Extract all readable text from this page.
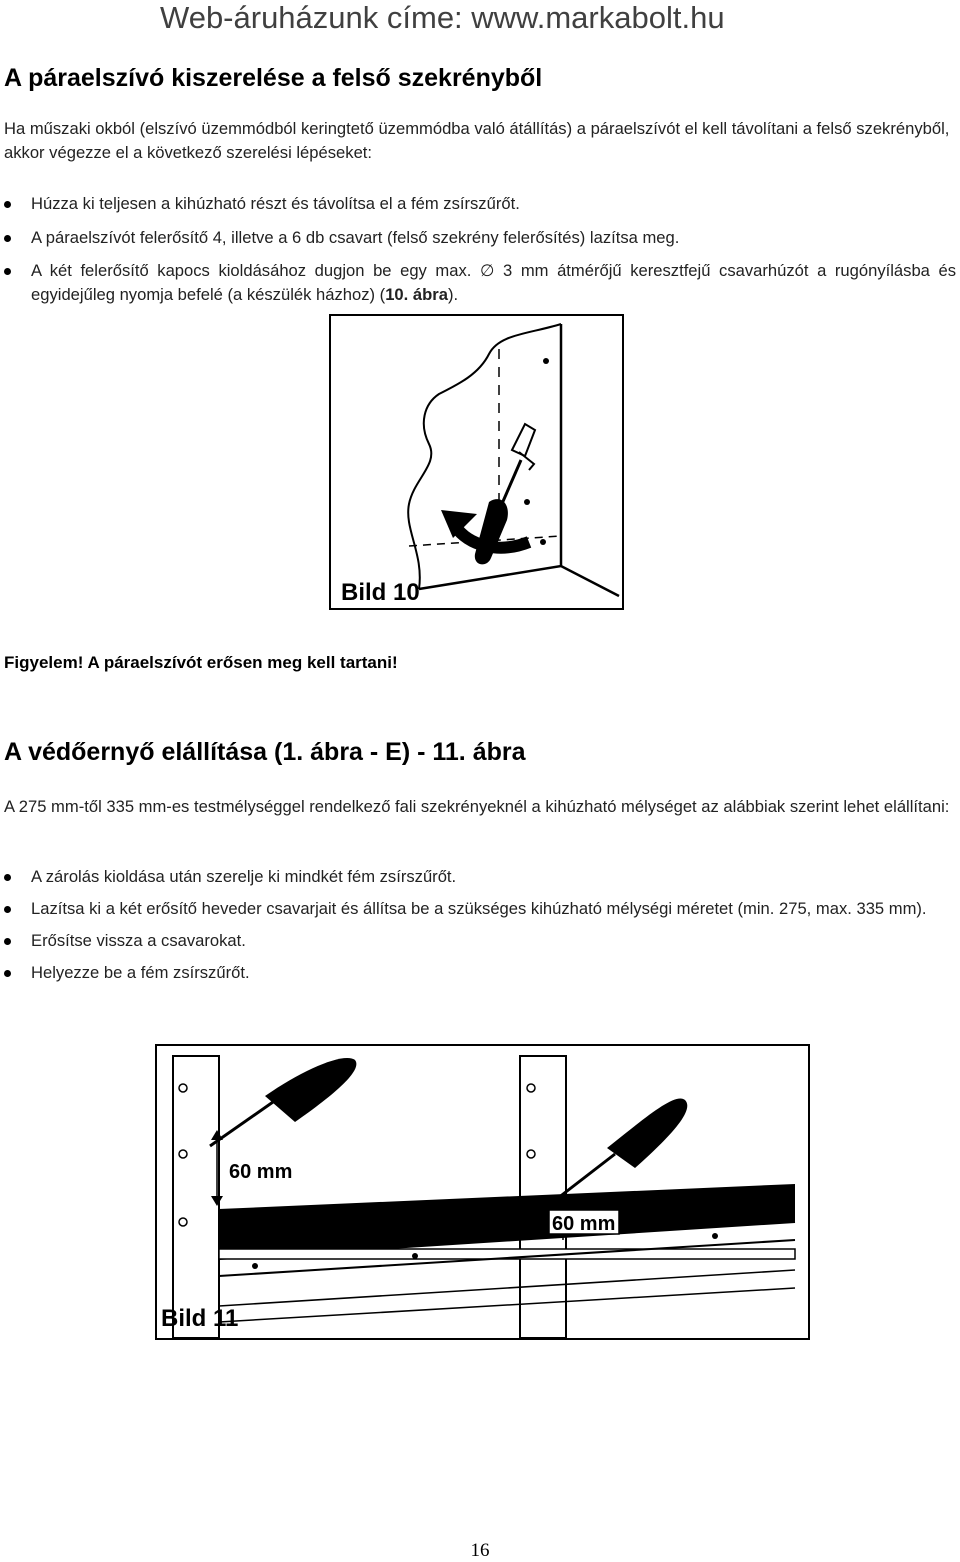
Web-áruházunk címe: www.markabolt.hu
A páraelszívó kiszerelése a felső szekrényből
Ha műszaki okból (elszívó üzemmódból keringtető üzemmódba való átállítás) a páraelszívót el kell távolítani a felső szekrényből, akkor végezze el a következő szerelési lépéseket:
Húzza ki teljesen a kihúzható részt és távolítsa el a fém zsírszűrőt.
A páraelszívót felerősítő 4, illetve a 6 db csavart (felső szekrény felerősítés) lazítsa meg.
A két felerősítő kapocs kioldásához dugjon be egy max. ∅ 3 mm átmérőjű keresztfejű csavarhúzót a rugónyílásba és egyidejűleg nyomja befelé (a készülék házhoz) (10. ábra).
Bild 10
Figyelem! A páraelszívót erősen meg kell tartani!
A védőernyő elállítása (1. ábra - E) - 11. ábra
A 275 mm-től 335 mm-es testmélységgel rendelkező fali szekrényeknél a kihúzható mélységet az alábbiak szerint lehet elállítani:
A zárolás kioldása után szerelje ki mindkét fém zsírszűrőt.
Lazítsa ki a két erősítő heveder csavarjait és állítsa be a szükséges kihúzható mélységi méretet (min. 275, max. 335 mm).
Erősítse vissza a csavarokat.
Helyezze be a fém zsírszűrőt.
60 mm
60 mm
Bild 11
16
